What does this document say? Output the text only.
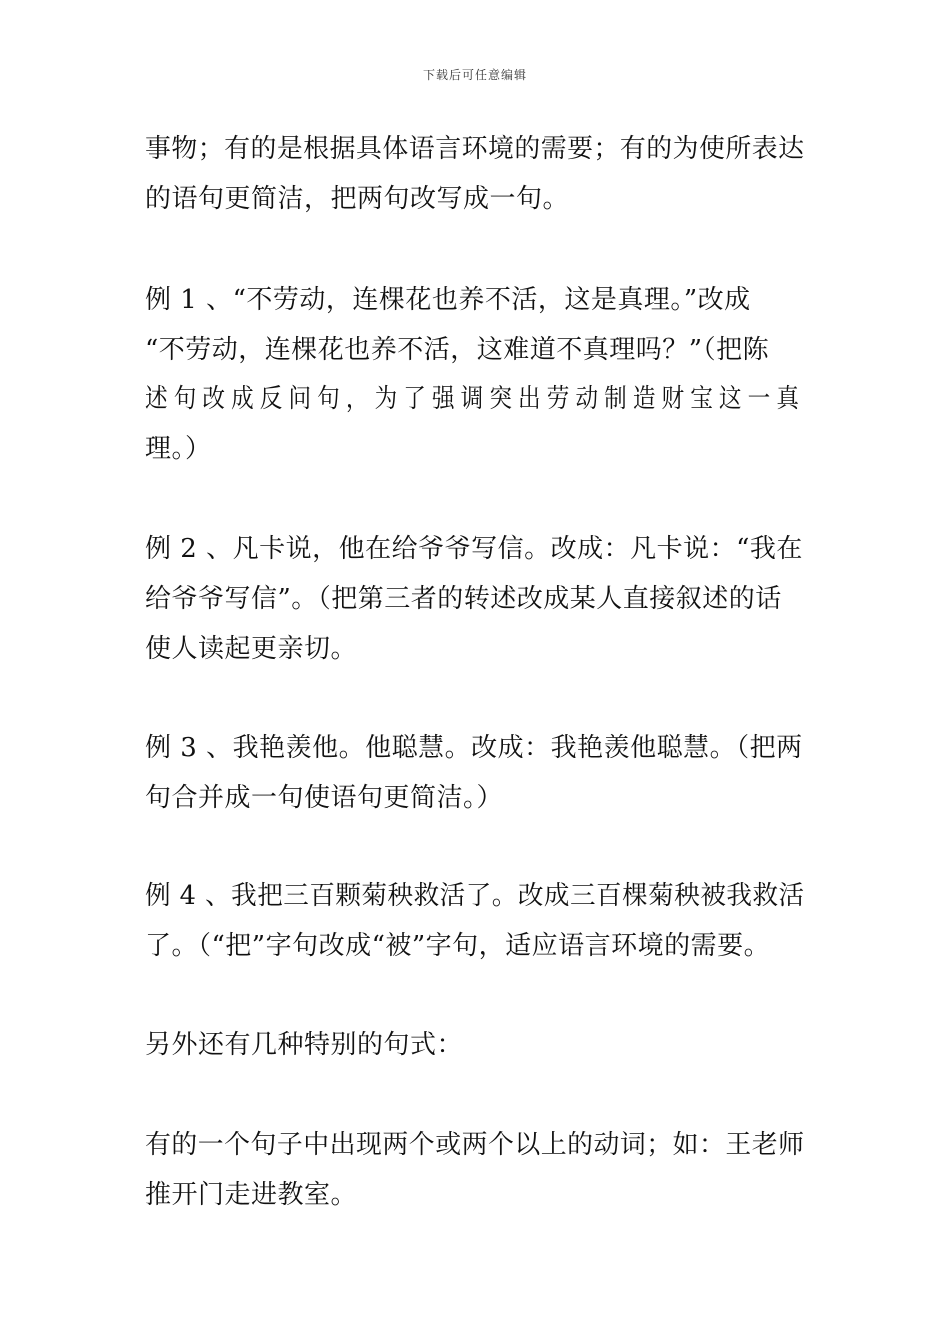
下载后可任意编辑
事物；有的是根据具体语言环境的需要；有的为使所表达
的语句更简洁，把两句改写成一句。
例 1 、“不劳动，连棵花也养不活，这是真理。”改成
“不劳动，连棵花也养不活，这难道不真理吗？”（把陈
述句改成反问句，为了强调突出劳动制造财宝这一真
理。）
例 2 、凡卡说，他在给爷爷写信。改成：凡卡说：“我在
给爷爷写信”。（把第三者的转述改成某人直接叙述的话
使人读起更亲切。
例 3 、我艳羡他。他聪慧。改成：我艳羡他聪慧。（把两
句合并成一句使语句更简洁。）
例 4 、我把三百颗菊秧救活了。改成三百棵菊秧被我救活
了。（“把”字句改成“被”字句，适应语言环境的需要。
另外还有几种特别的句式：
有的一个句子中出现两个或两个以上的动词；如：王老师
推开门走进教室。
